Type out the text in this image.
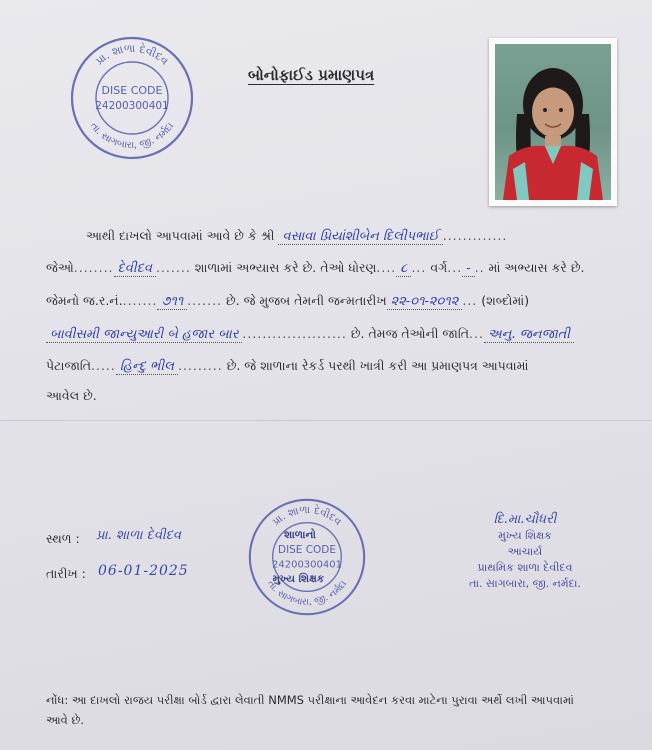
પ્રા. શાળા દેવીદવ
તા. સાગબારા, જી. નર્મદા
DISE CODE
24200300401
બોનોફાઈડ પ્રમાણપત્ર
આથી દાખલો આપવામાં આવે છે કે શ્રી વસાવા પ્રિયાંશીબેન દિલીપભાઈ .............
જેઓ........ દેવીદવ ....... શાળામાં અભ્યાસ કરે છે. તેઓ ધોરણ.... ૮ ... વર્ગ... - .. માં અભ્યાસ કરે છે.
જેમનો જ.ર.નં........ ૭૧૧ ....... છે. જે મુજબ તેમની જન્મતારીખ ૨૨-૦૧-૨૦૧૨ ... (શબ્દોમાં)
બાવીસમી જાન્યુઆરી બે હજાર બાર ..................... છે. તેમજ તેઓની જાતિ... અનુ. જનજાતી
પેટાજાતિ..... હિન્દુ ભીલ ......... છે. જે શાળાના રેકર્ડ પરથી ખાત્રી કરી આ પ્રમાણપત્ર આપવામાં
આવેલ છે.
સ્થળ : પ્રા. શાળા દેવીદવ
તારીખ : 06-01-2025
પ્રા. શાળા દેવીદવ
તા. સાગબારા, જી. નર્મદા
DISE CODE
24200300401
શાળાનો
મુખ્ય શિક્ષક
દિ.મા.ચૌધરી
મુખ્ય શિક્ષક
આચાર્ય
પ્રાથમિક શાળા દેવીદવ
તા. સાગબારા, જી. નર્મદા.
નોંધ: આ દાખલો રાજય પરીક્ષા બોર્ડ દ્વારા લેવાતી NMMS પરીક્ષાના આવેદન કરવા માટેના પુરાવા અર્થે લખી આપવામાં આવે છે.
